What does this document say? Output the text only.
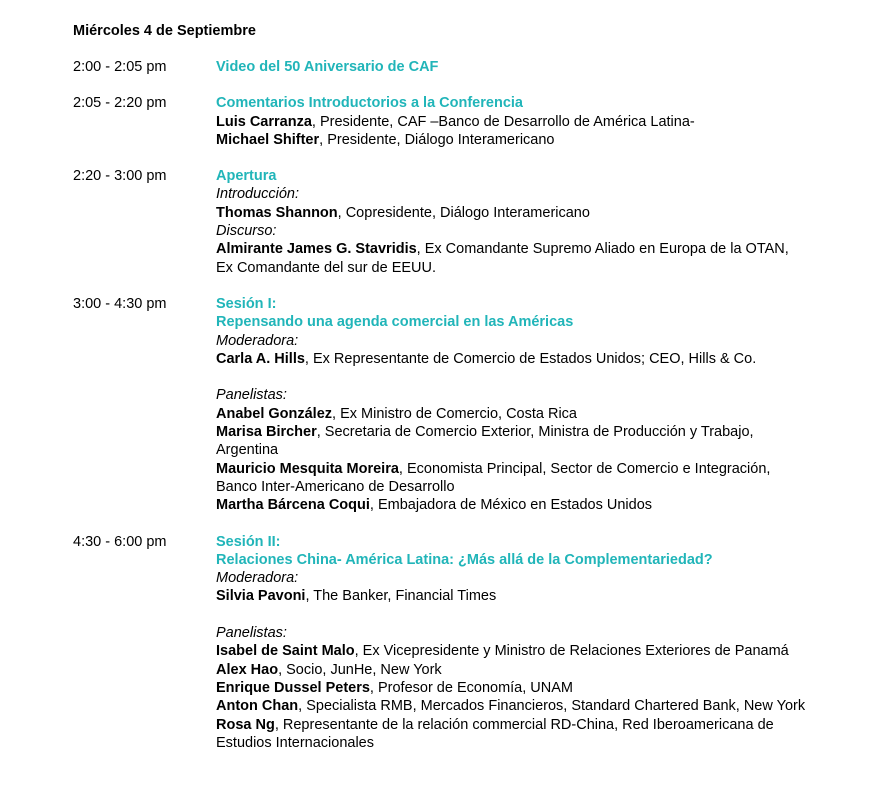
Miércoles 4 de Septiembre
2:00 - 2:05 pm	Video del 50 Aniversario de CAF
2:05 - 2:20 pm	Comentarios Introductorios a la Conferencia
Luis Carranza, Presidente, CAF –Banco de Desarrollo de América Latina-
Michael Shifter, Presidente, Diálogo Interamericano
2:20 - 3:00 pm	Apertura
Introducción:
Thomas Shannon, Copresidente, Diálogo Interamericano
Discurso:
Almirante James G. Stavridis, Ex Comandante Supremo Aliado en Europa de la OTAN,
Ex Comandante del sur de EEUU.
3:00 - 4:30 pm	Sesión I:
Repensando una agenda comercial en las Américas
Moderadora:
Carla A. Hills, Ex Representante de Comercio de Estados Unidos; CEO, Hills & Co.
Panelistas:
Anabel González, Ex Ministro de Comercio, Costa Rica
Marisa Bircher, Secretaria de Comercio Exterior, Ministra de Producción y Trabajo,
Argentina
Mauricio Mesquita Moreira, Economista Principal, Sector de Comercio e Integración,
Banco Inter-Americano de Desarrollo
Martha Bárcena Coqui, Embajadora de México en Estados Unidos
4:30 - 6:00 pm	Sesión II:
Relaciones China- América Latina: ¿Más allá de la Complementariedad?
Moderadora:
Silvia Pavoni, The Banker, Financial Times
Panelistas:
Isabel de Saint Malo, Ex Vicepresidente y Ministro de Relaciones Exteriores de Panamá
Alex Hao, Socio, JunHe, New York
Enrique Dussel Peters, Profesor de Economía, UNAM
Anton Chan, Specialista RMB, Mercados Financieros, Standard Chartered Bank, New York
Rosa Ng, Representante de la relación commercial RD-China, Red Iberoamericana de
Estudios Internacionales
